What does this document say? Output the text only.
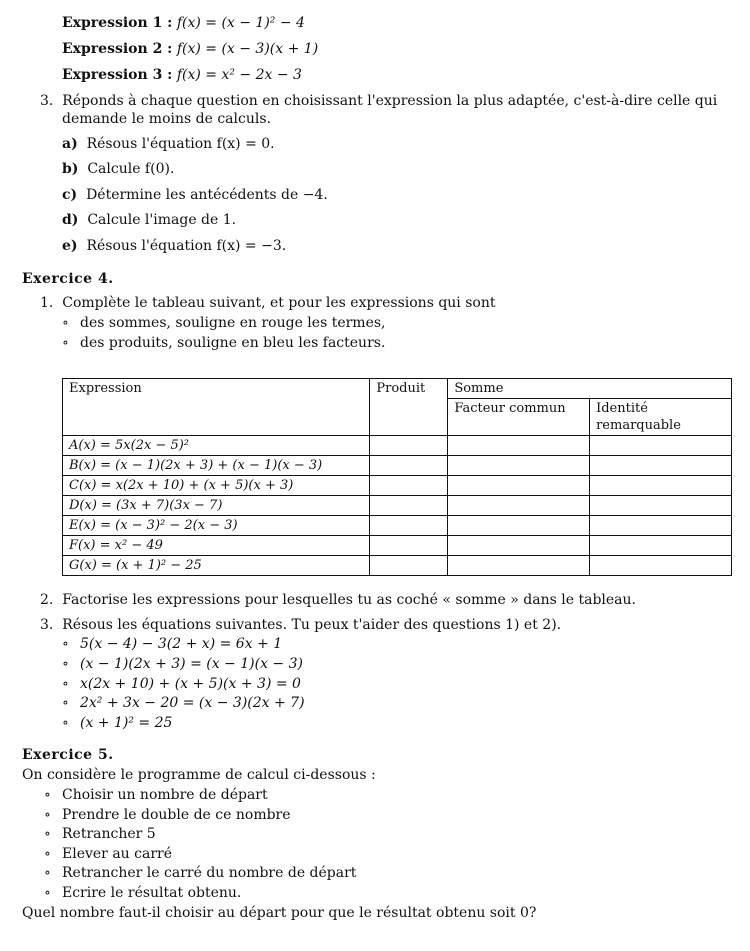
Expression 1 : f(x) = (x − 1)² − 4
Expression 2 : f(x) = (x − 3)(x + 1)
Expression 3 : f(x) = x² − 2x − 3
3. Réponds à chaque question en choisissant l'expression la plus adaptée, c'est-à-dire celle qui
demande le moins de calculs.
a) Résous l'équation f(x) = 0.
b) Calcule f(0).
c) Détermine les antécédents de −4.
d) Calcule l'image de 1.
e) Résous l'équation f(x) = −3.
Exercice 4.
1. Complète le tableau suivant, et pour les expressions qui sont
∘ des sommes, souligne en rouge les termes,
∘ des produits, souligne en bleu les facteurs.
Expression	Produit	Somme	
		Facteur commun	Identité
remarquable
A(x) = 5x(2x − 5)²			
B(x) = (x − 1)(2x + 3) + (x − 1)(x − 3)			
C(x) = x(2x + 10) + (x + 5)(x + 3)			
D(x) = (3x + 7)(3x − 7)			
E(x) = (x − 3)² − 2(x − 3)			
F(x) = x² − 49			
G(x) = (x + 1)² − 25			
2. Factorise les expressions pour lesquelles tu as coché « somme » dans le tableau.
3. Résous les équations suivantes. Tu peux t'aider des questions 1) et 2).
∘ 5(x − 4) − 3(2 + x) = 6x + 1
∘ (x − 1)(2x + 3) = (x − 1)(x − 3)
∘ x(2x + 10) + (x + 5)(x + 3) = 0
∘ 2x² + 3x − 20 = (x − 3)(2x + 7)
∘ (x + 1)² = 25
Exercice 5.
On considère le programme de calcul ci-dessous :
∘ Choisir un nombre de départ
∘ Prendre le double de ce nombre
∘ Retrancher 5
∘ Elever au carré
∘ Retrancher le carré du nombre de départ
∘ Ecrire le résultat obtenu.
Quel nombre faut-il choisir au départ pour que le résultat obtenu soit 0?
